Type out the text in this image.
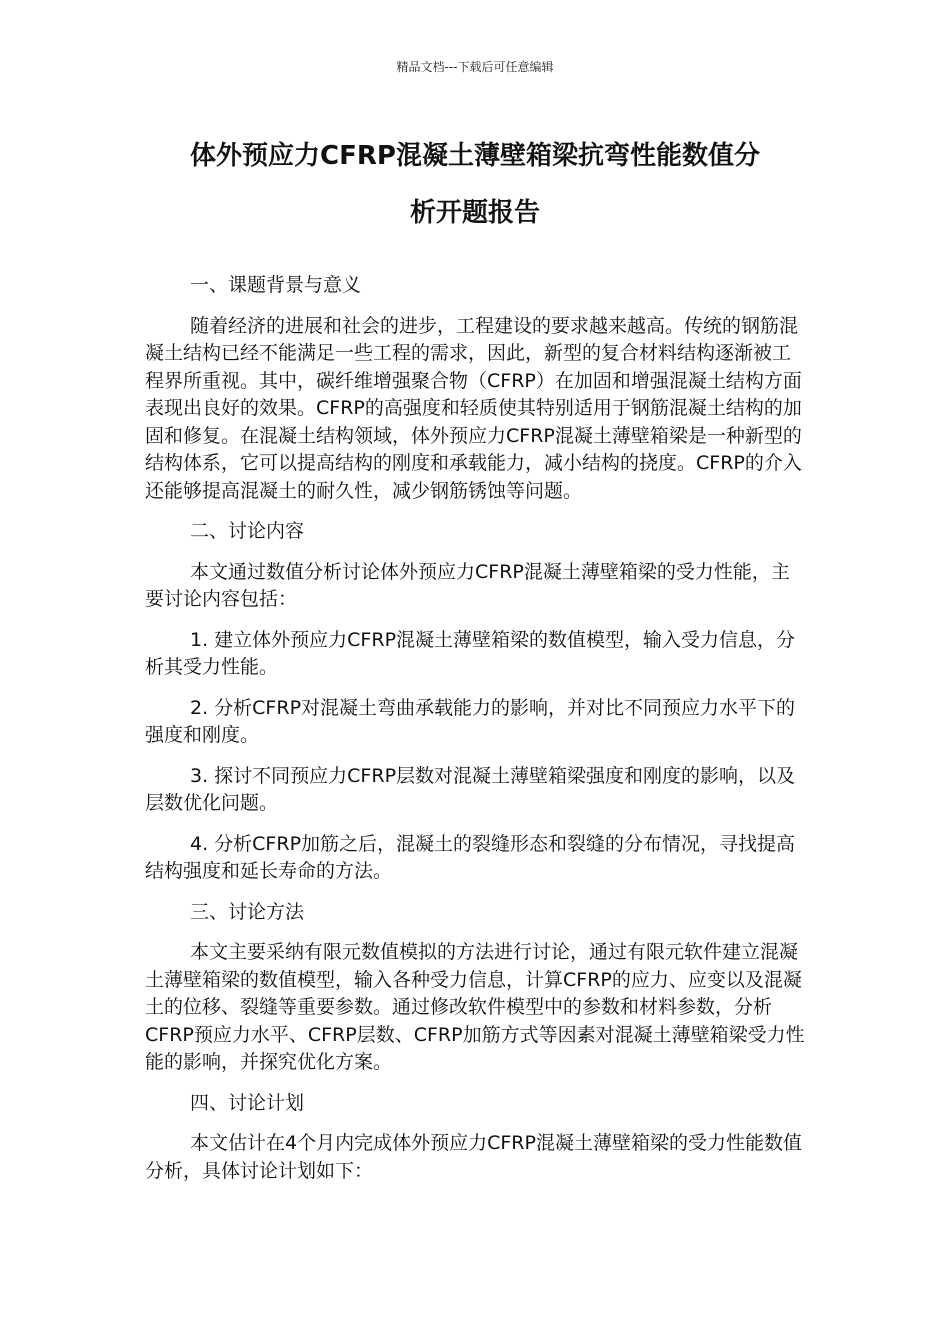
精品文档---下载后可任意编辑
体外预应力CFRP混凝土薄壁箱梁抗弯性能数值分
析开题报告

一、课题背景与意义

随着经济的进展和社会的进步，工程建设的要求越来越高。传统的钢筋混凝土结构已经不能满足一些工程的需求，因此，新型的复合材料结构逐渐被工程界所重视。其中，碳纤维增强聚合物（CFRP）在加固和增强混凝土结构方面表现出良好的效果。CFRP的高强度和轻质使其特别适用于钢筋混凝土结构的加固和修复。在混凝土结构领域，体外预应力CFRP混凝土薄壁箱梁是一种新型的结构体系，它可以提高结构的刚度和承载能力，减小结构的挠度。CFRP的介入还能够提高混凝土的耐久性，减少钢筋锈蚀等问题。

二、讨论内容

本文通过数值分析讨论体外预应力CFRP混凝土薄壁箱梁的受力性能，主要讨论内容包括：

1. 建立体外预应力CFRP混凝土薄壁箱梁的数值模型，输入受力信息，分析其受力性能。

2. 分析CFRP对混凝土弯曲承载能力的影响，并对比不同预应力水平下的强度和刚度。

3. 探讨不同预应力CFRP层数对混凝土薄壁箱梁强度和刚度的影响，以及层数优化问题。

4. 分析CFRP加筋之后，混凝土的裂缝形态和裂缝的分布情况，寻找提高结构强度和延长寿命的方法。

三、讨论方法

本文主要采纳有限元数值模拟的方法进行讨论，通过有限元软件建立混凝土薄壁箱梁的数值模型，输入各种受力信息，计算CFRP的应力、应变以及混凝土的位移、裂缝等重要参数。通过修改软件模型中的参数和材料参数，分析CFRP预应力水平、CFRP层数、CFRP加筋方式等因素对混凝土薄壁箱梁受力性能的影响，并探究优化方案。

四、讨论计划

本文估计在4个月内完成体外预应力CFRP混凝土薄壁箱梁的受力性能数值分析，具体讨论计划如下：
